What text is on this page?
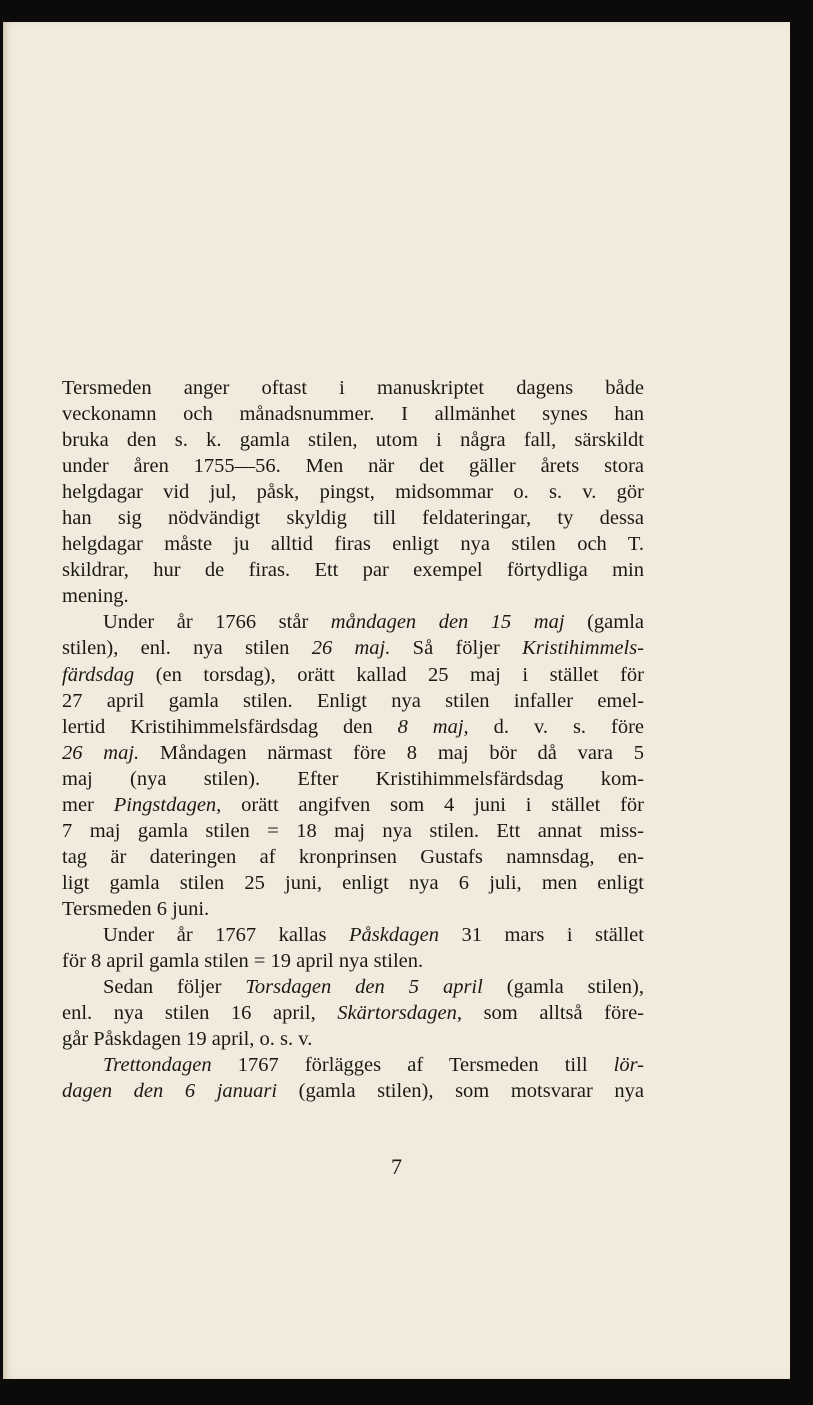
Tersmeden anger oftast i manuskriptet dagens både
veckonamn och månadsnummer. I allmänhet synes han
bruka den s. k. gamla stilen, utom i några fall, särskildt
under åren 1755—56. Men när det gäller årets stora
helgdagar vid jul, påsk, pingst, midsommar o. s. v. gör
han sig nödvändigt skyldig till feldateringar, ty dessa
helgdagar måste ju alltid firas enligt nya stilen och T.
skildrar, hur de firas. Ett par exempel förtydliga min
mening.
Under år 1766 står måndagen den 15 maj (gamla
stilen), enl. nya stilen 26 maj. Så följer Kristihimmels-
färdsdag (en torsdag), orätt kallad 25 maj i stället för
27 april gamla stilen. Enligt nya stilen infaller emel-
lertid Kristihimmelsfärdsdag den 8 maj, d. v. s. före
26 maj. Måndagen närmast före 8 maj bör då vara 5
maj (nya stilen). Efter Kristihimmelsfärdsdag kom-
mer Pingstdagen, orätt angifven som 4 juni i stället för
7 maj gamla stilen = 18 maj nya stilen. Ett annat miss-
tag är dateringen af kronprinsen Gustafs namnsdag, en-
ligt gamla stilen 25 juni, enligt nya 6 juli, men enligt
Tersmeden 6 juni.
Under år 1767 kallas Påskdagen 31 mars i stället
för 8 april gamla stilen = 19 april nya stilen.
Sedan följer Torsdagen den 5 april (gamla stilen),
enl. nya stilen 16 april, Skärtorsdagen, som alltså före-
går Påskdagen 19 april, o. s. v.
Trettondagen 1767 förlägges af Tersmeden till lör-
dagen den 6 januari (gamla stilen), som motsvarar nya
7
